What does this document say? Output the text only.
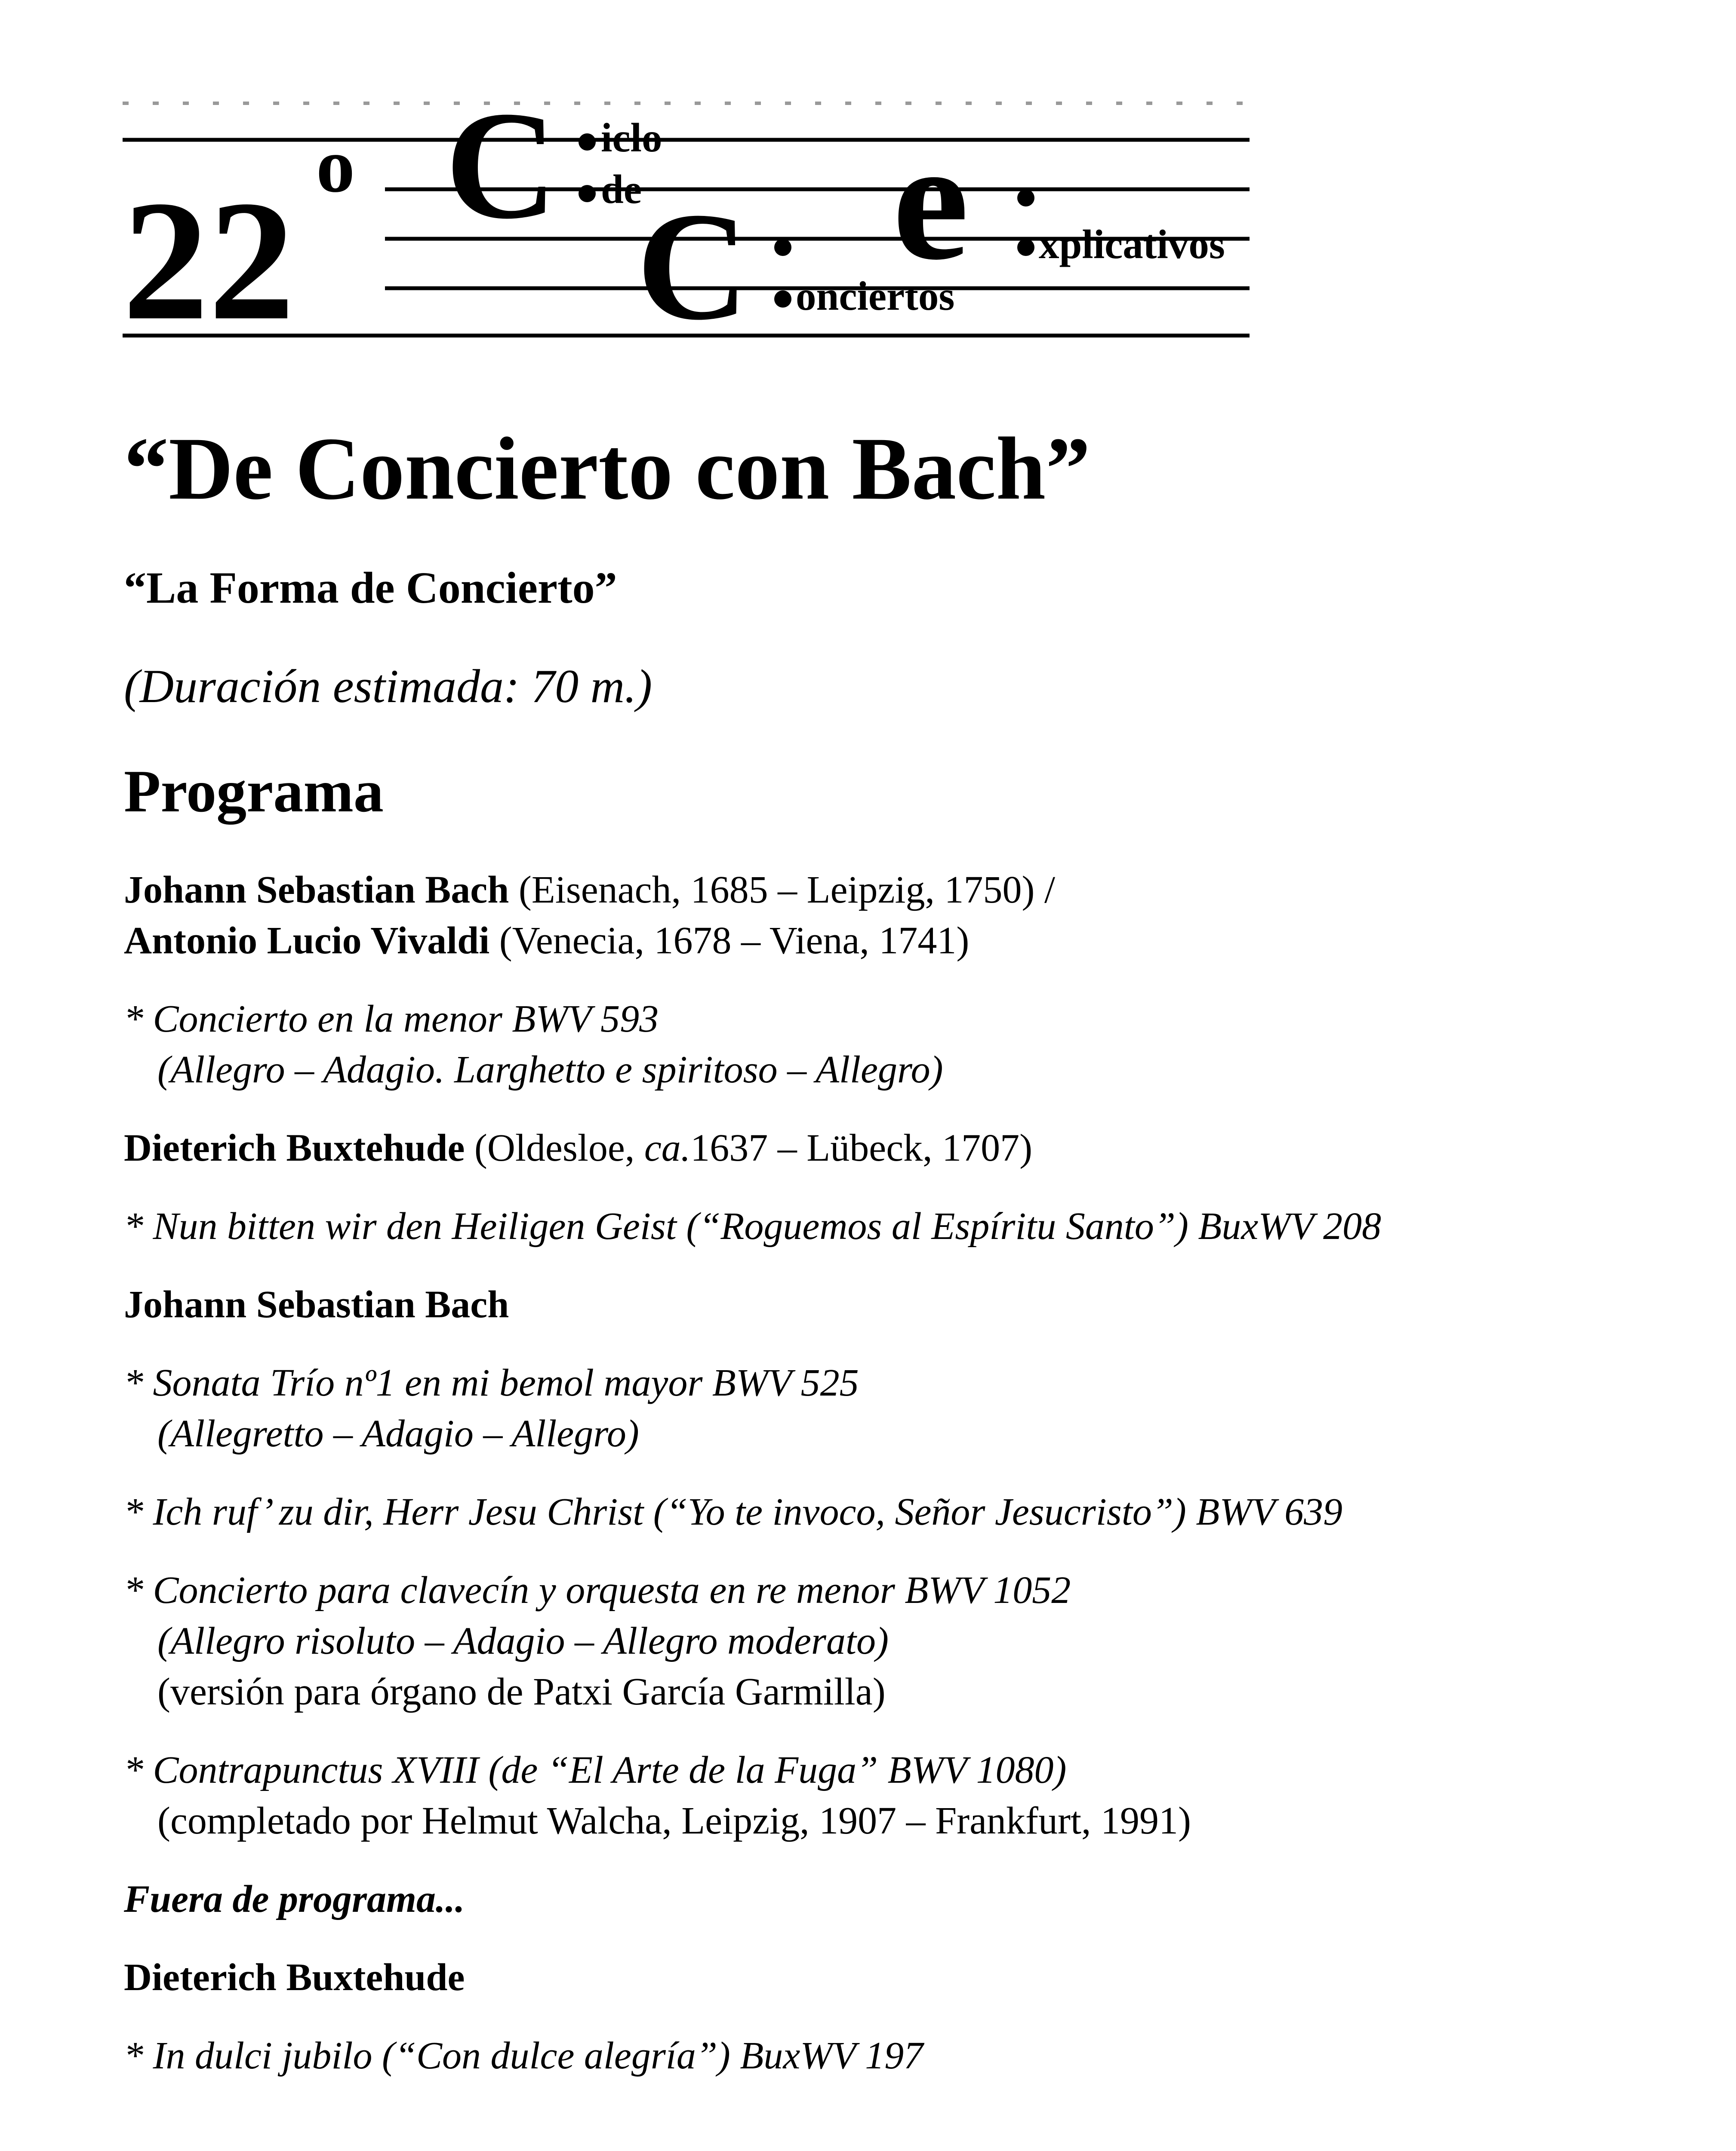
22 o C iclo
de
C onciertos
e xplicativos
“De Concierto con Bach”
“La Forma de Concierto”
(Duración estimada: 70 m.)
Programa
Johann Sebastian Bach (Eisenach, 1685 – Leipzig, 1750) /
Antonio Lucio Vivaldi (Venecia, 1678 – Viena, 1741)
* Concierto en la menor BWV 593
(Allegro – Adagio. Larghetto e spiritoso – Allegro)
Dieterich Buxtehude (Oldesloe, ca.1637 – Lübeck, 1707)
* Nun bitten wir den Heiligen Geist (“Roguemos al Espíritu Santo”) BuxWV 208
Johann Sebastian Bach
* Sonata Trío nº1 en mi bemol mayor BWV 525
(Allegretto – Adagio – Allegro)
* Ich ruf’ zu dir, Herr Jesu Christ (“Yo te invoco, Señor Jesucristo”) BWV 639
* Concierto para clavecín y orquesta en re menor BWV 1052
(Allegro risoluto – Adagio – Allegro moderato)
(versión para órgano de Patxi García Garmilla)
* Contrapunctus XVIII (de “El Arte de la Fuga” BWV 1080)
(completado por Helmut Walcha, Leipzig, 1907 – Frankfurt, 1991)
Fuera de programa...
Dieterich Buxtehude
* In dulci jubilo (“Con dulce alegría”) BuxWV 197
